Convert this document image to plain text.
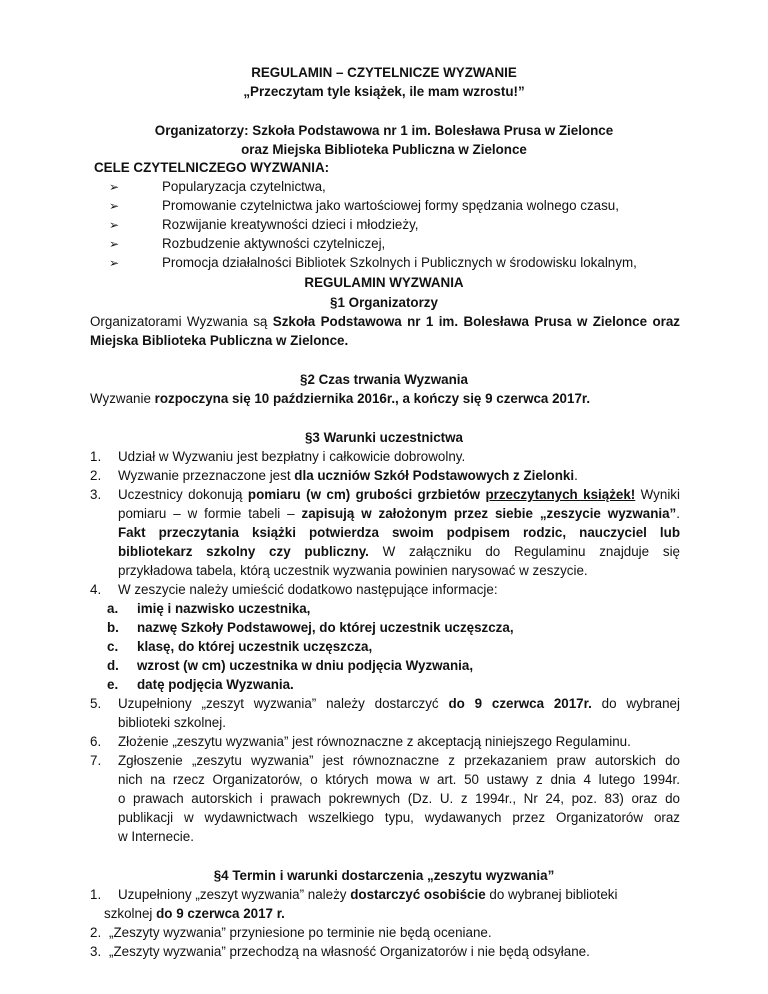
REGULAMIN – CZYTELNICZE WYZWANIE
„Przeczytam tyle książek, ile mam wzrostu!”
Organizatorzy: Szkoła Podstawowa nr 1 im. Bolesława Prusa w Zielonce
oraz Miejska Biblioteka Publiczna w Zielonce
CELE CZYTELNICZEGO WYZWANIA:
➢	Popularyzacja czytelnictwa,
➢	Promowanie czytelnictwa jako wartościowej formy spędzania wolnego czasu,
➢	Rozwijanie kreatywności dzieci i młodzieży,
➢	Rozbudzenie aktywności czytelniczej,
➢	Promocja działalności Bibliotek Szkolnych i Publicznych w środowisku lokalnym,
REGULAMIN WYZWANIA
§1 Organizatorzy
Organizatorami Wyzwania są Szkoła Podstawowa nr 1 im. Bolesława Prusa w Zielonce oraz
Miejska Biblioteka Publiczna w Zielonce.
§2 Czas trwania Wyzwania
Wyzwanie rozpoczyna się 10 października 2016r., a kończy się 9 czerwca 2017r.
§3 Warunki uczestnictwa
1. Udział w Wyzwaniu jest bezpłatny i całkowicie dobrowolny.
2. Wyzwanie przeznaczone jest dla uczniów Szkół Podstawowych z Zielonki.
3. Uczestnicy dokonują pomiaru (w cm) grubości grzbietów przeczytanych książek! Wyniki
pomiaru – w formie tabeli – zapisują w założonym przez siebie „zeszycie wyzwania”.
Fakt przeczytania książki potwierdza swoim podpisem rodzic, nauczyciel lub
bibliotekarz szkolny czy publiczny. W załączniku do Regulaminu znajduje się
przykładowa tabela, którą uczestnik wyzwania powinien narysować w zeszycie.
4. W zeszycie należy umieścić dodatkowo następujące informacje:
a. imię i nazwisko uczestnika,
b. nazwę Szkoły Podstawowej, do której uczestnik uczęszcza,
c. klasę, do której uczestnik uczęszcza,
d. wzrost (w cm) uczestnika w dniu podjęcia Wyzwania,
e. datę podjęcia Wyzwania.
5. Uzupełniony „zeszyt wyzwania” należy dostarczyć do 9 czerwca 2017r. do wybranej
biblioteki szkolnej.
6. Złożenie „zeszytu wyzwania” jest równoznaczne z akceptacją niniejszego Regulaminu.
7. Zgłoszenie „zeszytu wyzwania” jest równoznaczne z przekazaniem praw autorskich do
nich na rzecz Organizatorów, o których mowa w art. 50 ustawy z dnia 4 lutego 1994r.
o prawach autorskich i prawach pokrewnych (Dz. U. z 1994r., Nr 24, poz. 83) oraz do
publikacji w wydawnictwach wszelkiego typu, wydawanych przez Organizatorów oraz
w Internecie.
§4 Termin i warunki dostarczenia „zeszytu wyzwania”
1. Uzupełniony „zeszyt wyzwania” należy dostarczyć osobiście do wybranej biblioteki
szkolnej do 9 czerwca 2017 r.
2. „Zeszyty wyzwania” przyniesione po terminie nie będą oceniane.
3. „Zeszyty wyzwania” przechodzą na własność Organizatorów i nie będą odsyłane.
